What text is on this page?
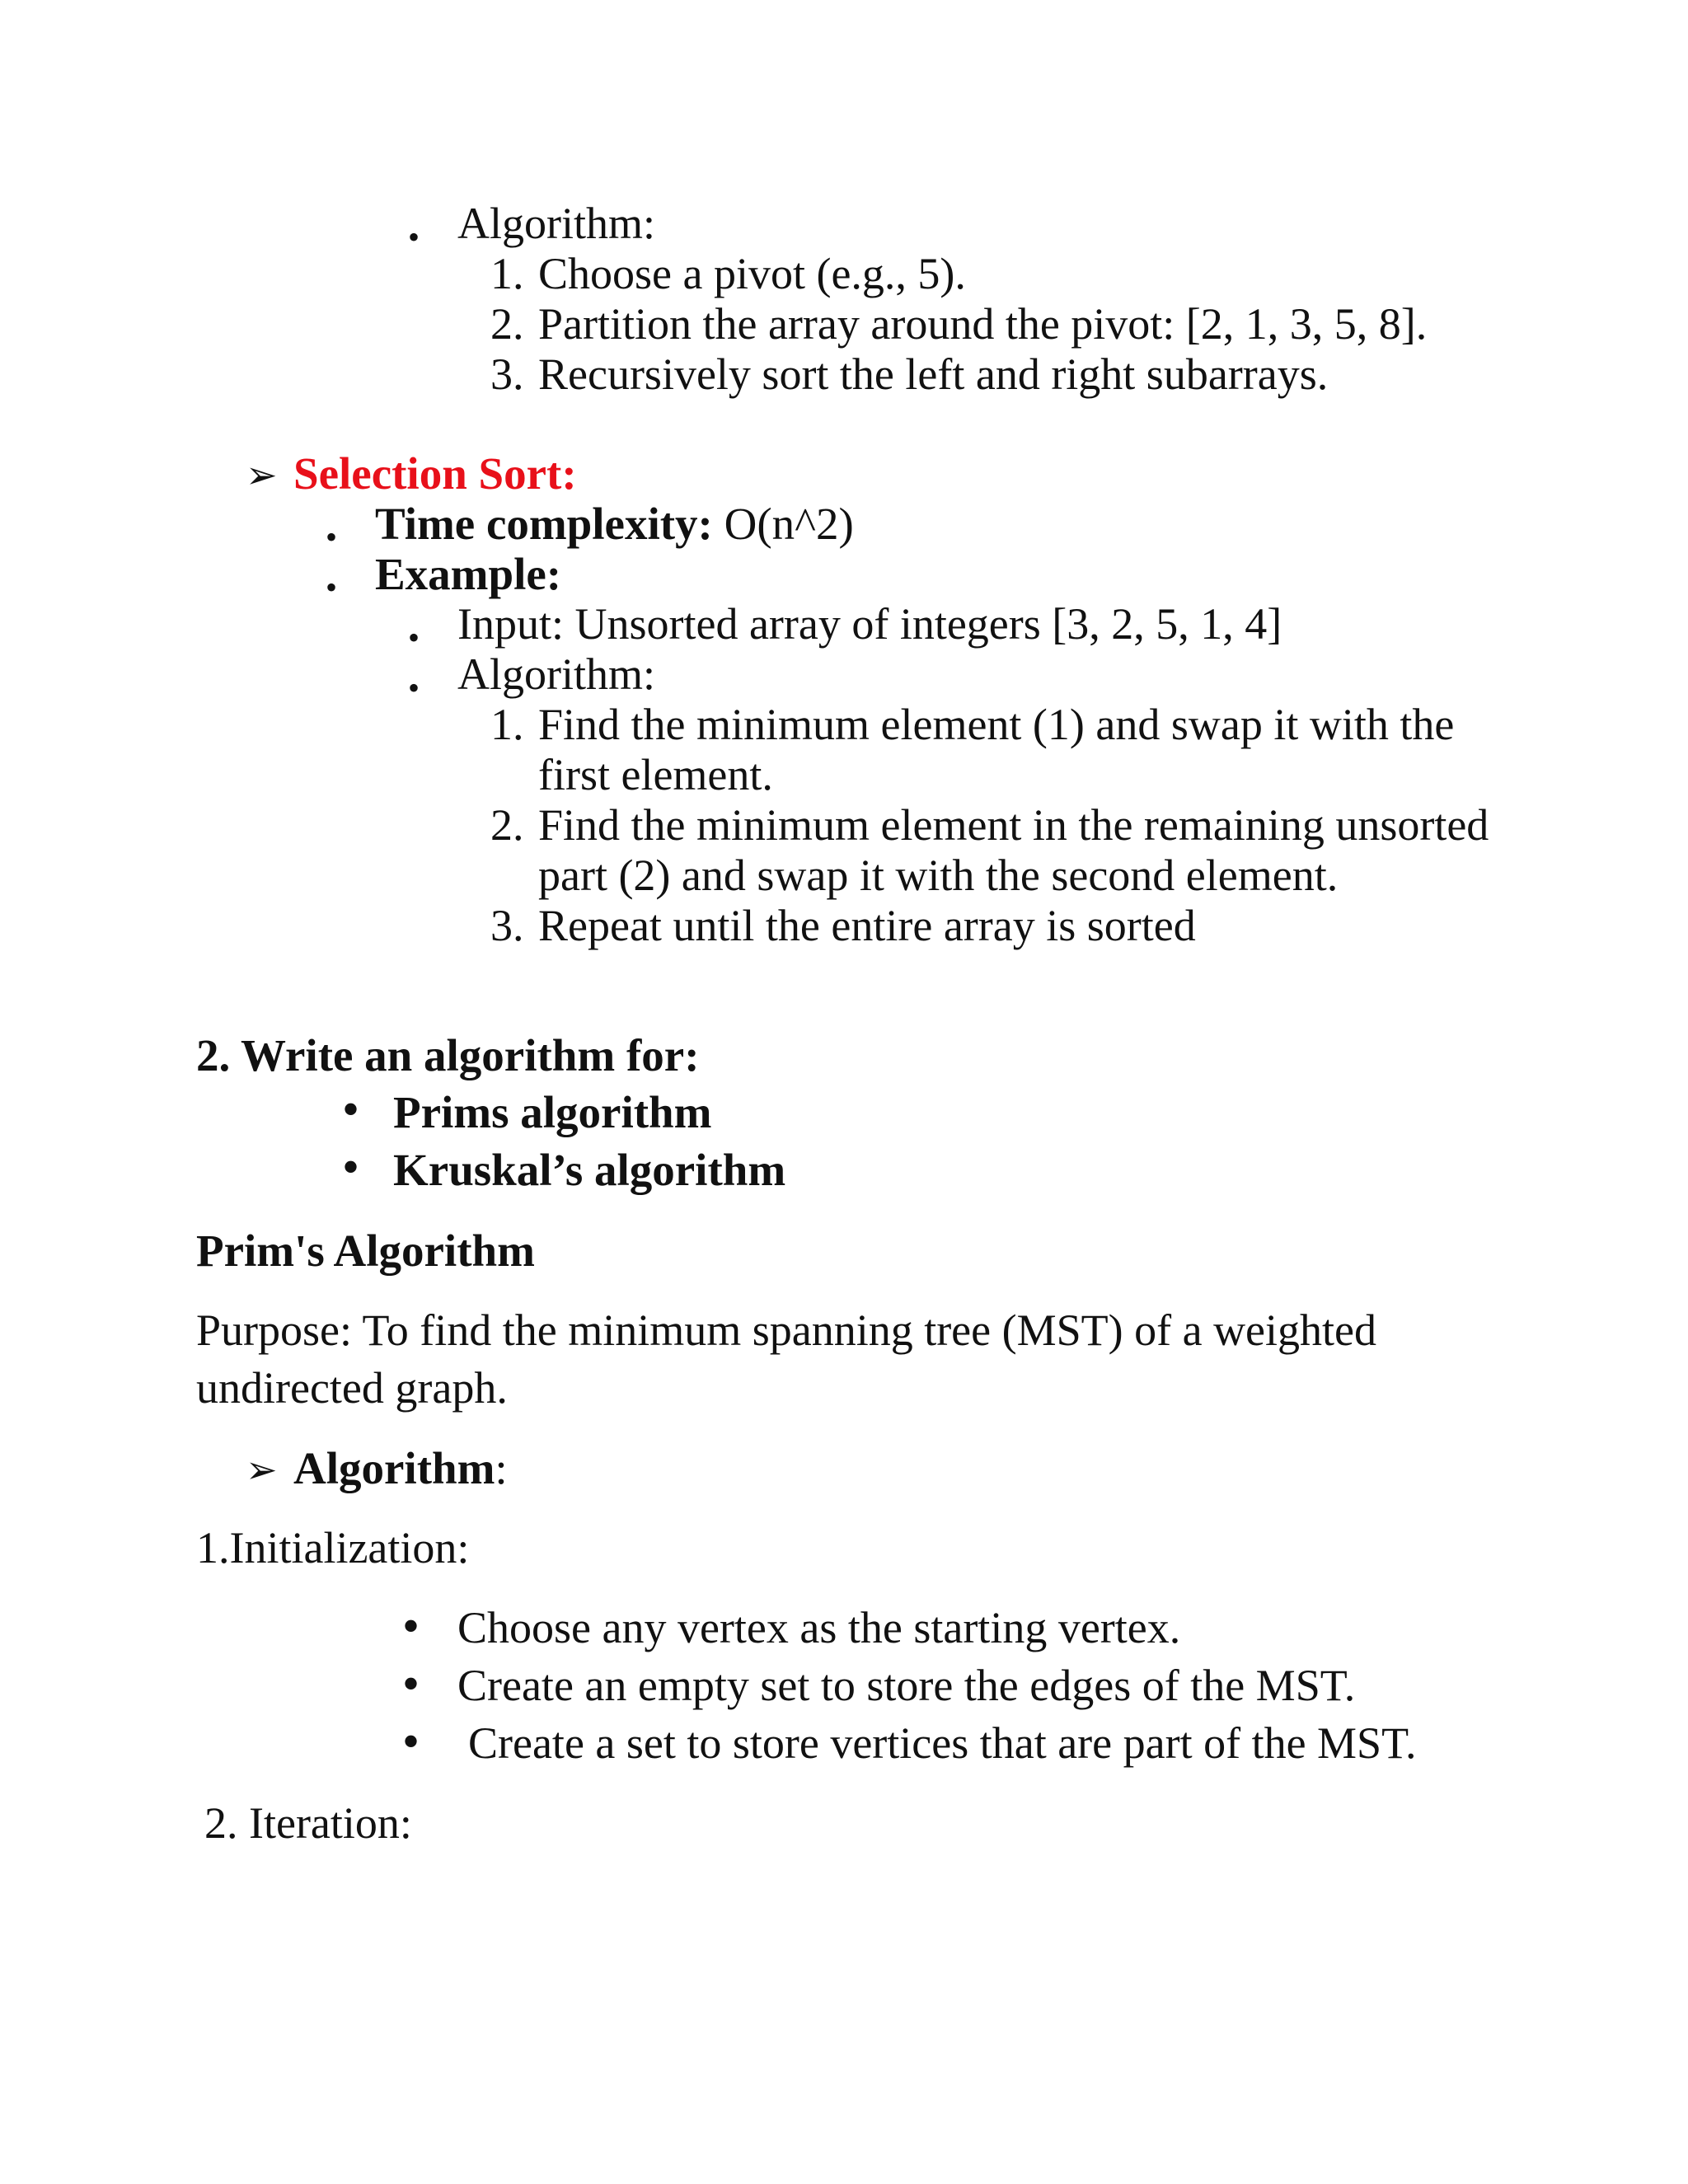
• Algorithm:
1. Choose a pivot (e.g., 5).
2. Partition the array around the pivot: [2, 1, 3, 5, 8].
3. Recursively sort the left and right subarrays.
➢ Selection Sort:
• Time complexity: O(n^2)
• Example:
• Input: Unsorted array of integers [3, 2, 5, 1, 4]
• Algorithm:
1. Find the minimum element (1) and swap it with the
first element.
2. Find the minimum element in the remaining unsorted
part (2) and swap it with the second element.
3. Repeat until the entire array is sorted
2. Write an algorithm for:
• Prims algorithm
• Kruskal’s algorithm
Prim's Algorithm
Purpose: To find the minimum spanning tree (MST) of a weighted
undirected graph.
➢ Algorithm:
1.Initialization:
• Choose any vertex as the starting vertex.
• Create an empty set to store the edges of the MST.
• Create a set to store vertices that are part of the MST.
2. Iteration:
